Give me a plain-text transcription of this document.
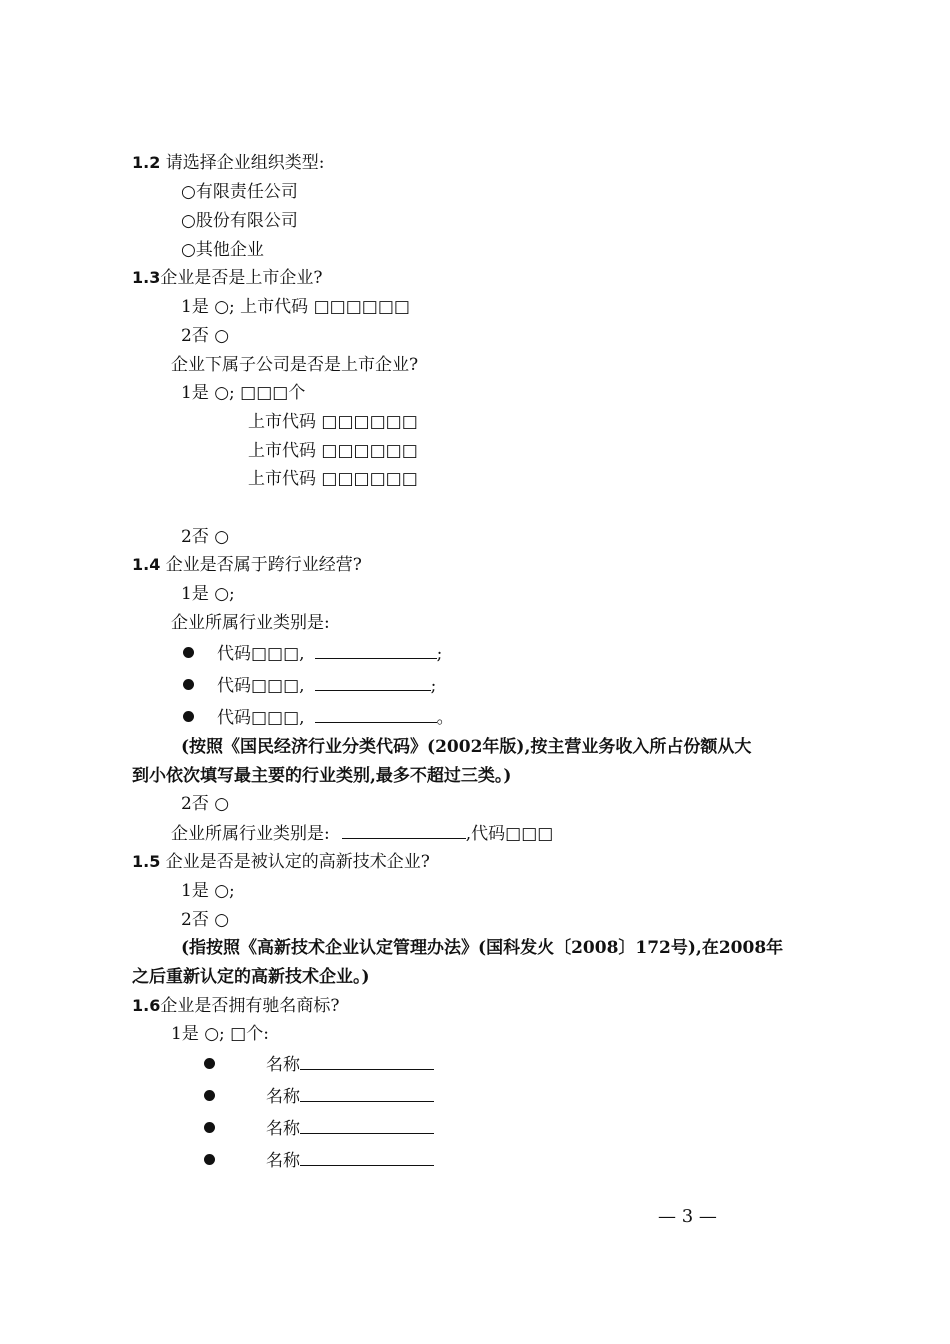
1.2 请选择企业组织类型:
○有限责任公司
○股份有限公司
○其他企业
1.3企业是否是上市企业?
1是 ○; 上市代码 □□□□□□
2否 ○
企业下属子公司是否是上市企业?
1是 ○; □□□个
上市代码 □□□□□□
上市代码 □□□□□□
上市代码 □□□□□□
2否 ○
1.4 企业是否属于跨行业经营?
1是 ○;
企业所属行业类别是:
代码□□□,	;
代码□□□,	;
代码□□□,	。
(按照《国民经济行业分类代码》(2002年版),按主营业务收入所占份额从大
到小依次填写最主要的行业类别,最多不超过三类。)
2否 ○
企业所属行业类别是:	,代码□□□
1.5 企业是否是被认定的高新技术企业?
1是 ○;
2否 ○
(指按照《高新技术企业认定管理办法》(国科发火〔2008〕172号),在2008年
之后重新认定的高新技术企业。)
1.6企业是否拥有驰名商标?
1是 ○; □个:
名称
名称
名称
名称
— 3 —
